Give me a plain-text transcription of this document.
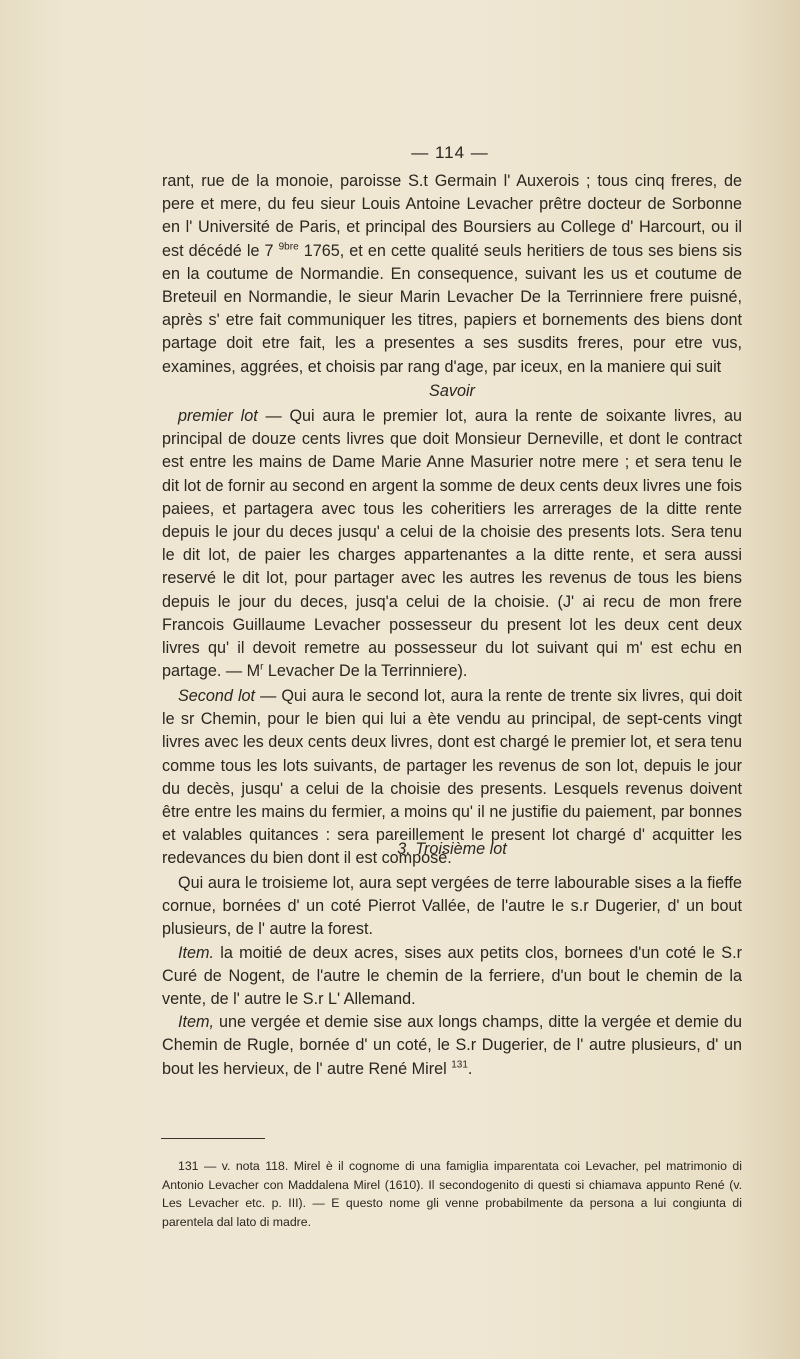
— 114 —

rant, rue de la monoie, paroisse S.t Germain l' Auxerois ; tous cinq freres, de pere et mere, du feu sieur Louis Antoine Levacher prêtre docteur de Sorbonne en l' Université de Paris, et principal des Boursiers au College d' Harcourt, ou il est décédé le 7 $^{9bre}$ 1765, et en cette qualité seuls heritiers de tous ses biens sis en la coutume de Normandie. En consequence, suivant les us et coutume de Breteuil en Normandie, le sieur Marin Levacher De la Terrinniere frere puisné, après s' etre fait communiquer les titres, papiers et bornements des biens dont partage doit etre fait, les a presentes a ses susdits freres, pour etre vus, examines, aggrées, et choisis par rang d'age, par iceux, en la maniere qui suit

Savoir

premier lot — Qui aura le premier lot, aura la rente de soixante livres, au principal de douze cents livres que doit Monsieur Derneville, et dont le contract est entre les mains de Dame Marie Anne Masurier notre mere ; et sera tenu le dit lot de fornir au second en argent la somme de deux cents deux livres une fois paiees, et partagera avec tous les coheritiers les arrerages de la ditte rente depuis le jour du deces jusqu' a celui de la choisie des presents lots. Sera tenu le dit lot, de paier les charges appartenantes a la ditte rente, et sera aussi reservé le dit lot, pour partager avec les autres les revenus de tous les biens depuis le jour du deces, jusq'a celui de la choisie. (J' ai recu de mon frere Francois Guillaume Levacher possesseur du present lot les deux cent deux livres qu' il devoit remetre au possesseur du lot suivant qui m' est echu en partage. — $M^r$ Levacher De la Terrinniere).

Second lot — Qui aura le second lot, aura la rente de trente six livres, qui doit le sr Chemin, pour le bien qui lui a ète vendu au principal, de sept-cents vingt livres avec les deux cents deux livres, dont est chargé le premier lot, et sera tenu comme tous les lots suivants, de partager les revenus de son lot, depuis le jour du decès, jusqu' a celui de la choisie des presents. Lesquels revenus doivent être entre les mains du fermier, a moins qu' il ne justifie du paiement, par bonnes et valables quitances : sera pareillement le present lot chargé d' acquitter les redevances du bien dont il est composé.

3. Troisième lot

Qui aura le troisieme lot, aura sept vergées de terre labourable sises a la fieffe cornue, bornées d' un coté Pierrot Vallée, de l'autre le s.r Dugerier, d' un bout plusieurs, de l' autre la forest.

Item. la moitié de deux acres, sises aux petits clos, bornees d'un coté le S.r Curé de Nogent, de l'autre le chemin de la ferriere, d'un bout le chemin de la vente, de l' autre le S.r L' Allemand.

Item, une vergée et demie sise aux longs champs, ditte la vergée et demie du Chemin de Rugle, bornée d' un coté, le S.r Dugerier, de l' autre plusieurs, d' un bout les hervieux, de l' autre René Mirel $^{131}$.

131 — v. nota 118. Mirel è il cognome di una famiglia imparentata coi Levacher, pel matrimonio di Antonio Levacher con Maddalena Mirel (1610). Il secondogenito di questi si chiamava appunto René (v. Les Levacher etc. p. III). — E questo nome gli venne probabilmente da persona a lui congiunta di parentela dal lato di madre.
